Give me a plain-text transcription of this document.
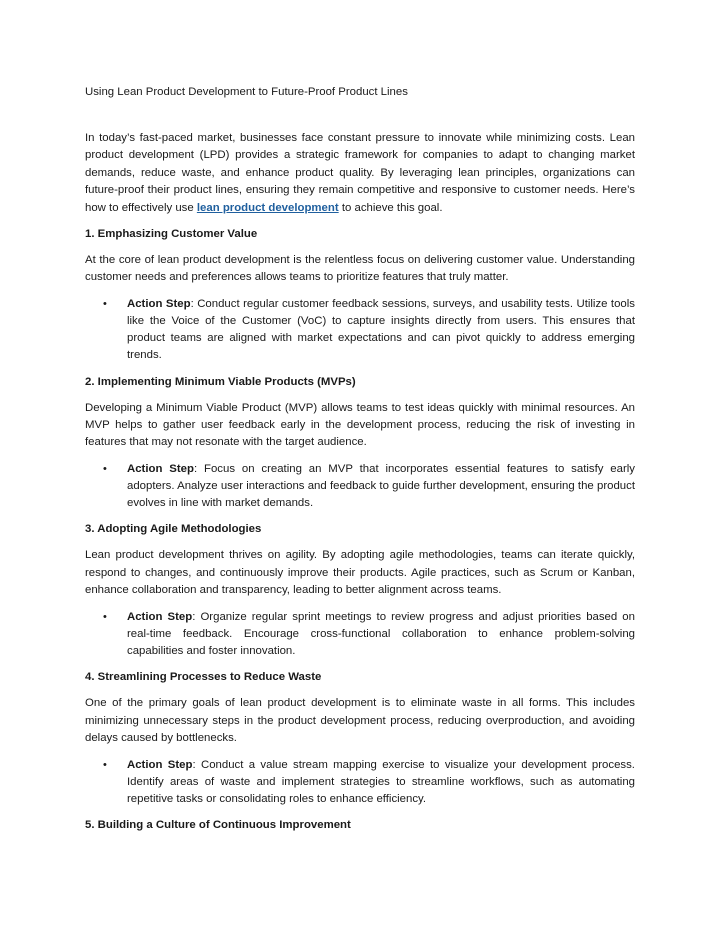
Using Lean Product Development to Future-Proof Product Lines

In today’s fast-paced market, businesses face constant pressure to innovate while minimizing costs. Lean product development (LPD) provides a strategic framework for companies to adapt to changing market demands, reduce waste, and enhance product quality. By leveraging lean principles, organizations can future-proof their product lines, ensuring they remain competitive and responsive to customer needs. Here’s how to effectively use lean product development to achieve this goal.

1. Emphasizing Customer Value

At the core of lean product development is the relentless focus on delivering customer value. Understanding customer needs and preferences allows teams to prioritize features that truly matter.

• Action Step: Conduct regular customer feedback sessions, surveys, and usability tests. Utilize tools like the Voice of the Customer (VoC) to capture insights directly from users. This ensures that product teams are aligned with market expectations and can pivot quickly to address emerging trends.
2. Implementing Minimum Viable Products (MVPs)

Developing a Minimum Viable Product (MVP) allows teams to test ideas quickly with minimal resources. An MVP helps to gather user feedback early in the development process, reducing the risk of investing in features that may not resonate with the target audience.

• Action Step: Focus on creating an MVP that incorporates essential features to satisfy early adopters. Analyze user interactions and feedback to guide further development, ensuring the product evolves in line with market demands.
3. Adopting Agile Methodologies

Lean product development thrives on agility. By adopting agile methodologies, teams can iterate quickly, respond to changes, and continuously improve their products. Agile practices, such as Scrum or Kanban, enhance collaboration and transparency, leading to better alignment across teams.

• Action Step: Organize regular sprint meetings to review progress and adjust priorities based on real-time feedback. Encourage cross-functional collaboration to enhance problem-solving capabilities and foster innovation.
4. Streamlining Processes to Reduce Waste

One of the primary goals of lean product development is to eliminate waste in all forms. This includes minimizing unnecessary steps in the product development process, reducing overproduction, and avoiding delays caused by bottlenecks.

• Action Step: Conduct a value stream mapping exercise to visualize your development process. Identify areas of waste and implement strategies to streamline workflows, such as automating repetitive tasks or consolidating roles to enhance efficiency.
5. Building a Culture of Continuous Improvement
